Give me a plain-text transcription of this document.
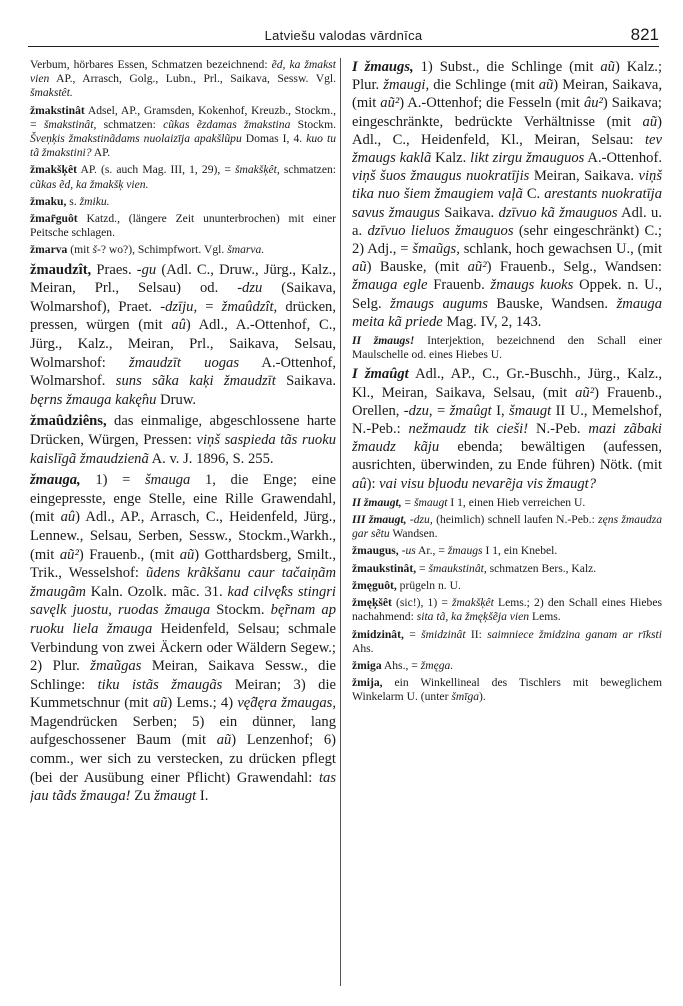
Latviešu valodas vārdnīca	821

Verbum, hörbares Essen, Schmatzen bezeichnend: ẽd, ka žmakst vien AP., Arrasch, Golg., Lubn., Prl., Saikava, Sessw. Vgl. šmakstêt.

žmakstinât Adsel, AP., Gramsden, Kokenhof, Kreuzb., Stockm., = šmakstinât, schmatzen: cũkas ẽzdamas žmakstina Stockm. Šveņķis žmakstinãdams nuolaizīja apakšlũpu Domas I, 4. kuo tu tã žmakstini? AP.

žmakšķêt AP. (s. auch Mag. III, 1, 29), = šmakšķêt, schmatzen: cũkas ẽd, ka žmakšķ vien.

žmaku, s. žmiku.

žmar̃guôt Katzd., (längere Zeit ununterbrochen) mit einer Peitsche schlagen.

žmarva (mit š-? wo?), Schimpfwort. Vgl. šmarva.

žmaudzît, Praes. -gu (Adl. C., Druw., Jürg., Kalz., Meiran, Prl., Selsau) od. -dzu (Saikava, Wolmarshof), Praet. -dzīju, = žmaûdzît, drücken, pressen, würgen (mit aû) Adl., A.-Ottenhof, C., Jürg., Kalz., Meiran, Prl., Saikava, Selsau, Wolmarshof: žmaudzīt uogas A.-Ottenhof, Wolmarshof. suns sãka kaķi žmaudzīt Saikava. bęrns žmauga kakę̂nu Druw.

žmaûdziêns, das einmalige, abgeschlossene harte Drücken, Würgen, Pressen: viņš saspieda tãs ruoku kaislīgã žmaudzienã A. v. J. 1896, S. 255.

žmauga, 1) = šmauga 1, die Enge; eine eingepresste, enge Stelle, eine Rille Grawendahl, (mit aû) Adl., AP., Arrasch, C., Heidenfeld, Jürg., Lennew., Selsau, Serben, Sessw., Stockm.,Warkh., (mit aũ²) Frauenb., (mit aũ) Gotthardsberg, Smilt., Trik., Wesselshof: ũdens krãkšanu caur tačaiņãm žmaugãm Kaln. Ozolk. mãc. 31. kad cilvę̂ks stingri savęlk juostu, ruodas žmauga Stockm. bę̃rnam ap ruoku liela žmauga Heidenfeld, Selsau; schmale Verbindung von zwei Äckern oder Wäldern Segew.; 2) Plur. žmaũgas Meiran, Saikava Sessw., die Schlinge: tiku istãs žmaugãs Meiran; 3) die Kummetschnur (mit aũ) Lems.; 4) vę̂dęra žmaugas, Magendrücken Serben; 5) ein dünner, lang aufgeschossener Baum (mit aũ) Lenzenhof; 6) comm., wer sich zu verstecken, zu drücken pflegt (bei der Ausübung einer Pflicht) Grawendahl: tas jau tãds žmauga! Zu žmaugt I.

I žmaugs, 1) Subst., die Schlinge (mit aũ) Kalz.; Plur. žmaugi, die Schlinge (mit aũ) Meiran, Saikava, (mit aũ²) A.-Ottenhof; die Fesseln (mit âu²) Saikava; eingeschränkte, bedrückte Verhältnisse (mit aũ) Adl., C., Heidenfeld, Kl., Meiran, Selsau: tev žmaugs kaklã Kalz. likt zirgu žmauguos A.-Ottenhof. viņš šuos žmaugus nuokratījis Meiran, Saikava. viņš tika nuo šiem žmaugiem vaļã C. arestants nuokratīja savus žmaugus Saikava. dzīvuo kã žmauguos Adl. u. a. dzīvuo lieluos žmauguos (sehr eingeschränkt) C.; 2) Adj., = šmaũgs, schlank, hoch gewachsen U., (mit aũ) Bauske, (mit aũ²) Frauenb., Selg., Wandsen: žmauga egle Frauenb. žmaugs kuoks Oppek. n. U., Selg. žmaugs augums Bauske, Wandsen. žmauga meita kã priede Mag. IV, 2, 143.

II žmaugs! Interjektion, bezeichnend den Schall einer Maulschelle od. eines Hiebes U.

I žmaûgt Adl., AP., C., Gr.-Buschh., Jürg., Kalz., Kl., Meiran, Saikava, Selsau, (mit aũ²) Frauenb., Orellen, -dzu, = žmaûgt I, šmaugt II U., Memelshof, N.-Peb.: nežmaudz tik cieši! N.-Peb. mazi zãbaki žmaudz kãju ebenda; bewältigen (aufessen, ausrichten, überwinden, zu Ende führen) Nötk. (mit aû): vai visu bļuodu nevarẽja vis žmaugt?

II žmaugt, = šmaugt I 1, einen Hieb verreichen U.

III žmaugt, -dzu, (heimlich) schnell laufen N.-Peb.: zęns žmaudza gar sẽtu Wandsen.

žmaugus, -us Ar., = žmaugs I 1, ein Knebel.

žmaukstinât, = šmaukstinât, schmatzen Bers., Kalz.

žmęguôt, prügeln n. U.

žmęķšêt (sic!), 1) = žmakšķêt Lems.; 2) den Schall eines Hiebes nachahmend: sita tã, ka žmęķšẽja vien Lems.

žmidzinât, = šmidzinât II: saimniece žmidzina ganam ar rīksti Ahs.

žmiga Ahs., = žmęga.

žmija, ein Winkellineal des Tischlers mit beweglichem Winkelarm U. (unter šmīga).
